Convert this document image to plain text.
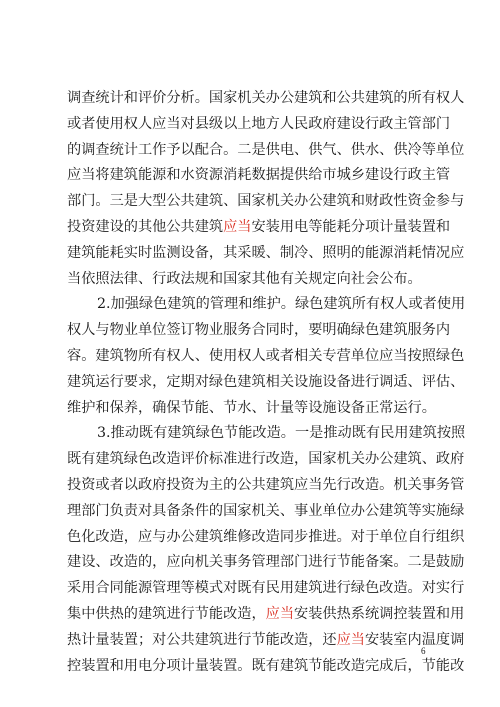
调查统计和评价分析。国家机关办公建筑和公共建筑的所有权人
或者使用权人应当对县级以上地方人民政府建设行政主管部门
的调查统计工作予以配合。二是供电、供气、供水、供冷等单位
应当将建筑能源和水资源消耗数据提供给市城乡建设行政主管
部门。三是大型公共建筑、国家机关办公建筑和财政性资金参与
投资建设的其他公共建筑应当安装用电等能耗分项计量装置和
建筑能耗实时监测设备，其采暖、制冷、照明的能源消耗情况应
当依照法律、行政法规和国家其他有关规定向社会公布。
2.加强绿色建筑的管理和维护。绿色建筑所有权人或者使用
权人与物业单位签订物业服务合同时，要明确绿色建筑服务内
容。建筑物所有权人、使用权人或者相关专营单位应当按照绿色
建筑运行要求，定期对绿色建筑相关设施设备进行调适、评估、
维护和保养，确保节能、节水、计量等设施设备正常运行。
3.推动既有建筑绿色节能改造。一是推动既有民用建筑按照
既有建筑绿色改造评价标准进行改造，国家机关办公建筑、政府
投资或者以政府投资为主的公共建筑应当先行改造。机关事务管
理部门负责对具备条件的国家机关、事业单位办公建筑等实施绿
色化改造，应与办公建筑维修改造同步推进。对于单位自行组织
建设、改造的，应向机关事务管理部门进行节能备案。二是鼓励
采用合同能源管理等模式对既有民用建筑进行绿色改造。对实行
集中供热的建筑进行节能改造，应当安装供热系统调控装置和用
热计量装置；对公共建筑进行节能改造，还应当安装室内温度调
控装置和用电分项计量装置。既有建筑节能改造完成后，节能改
6
